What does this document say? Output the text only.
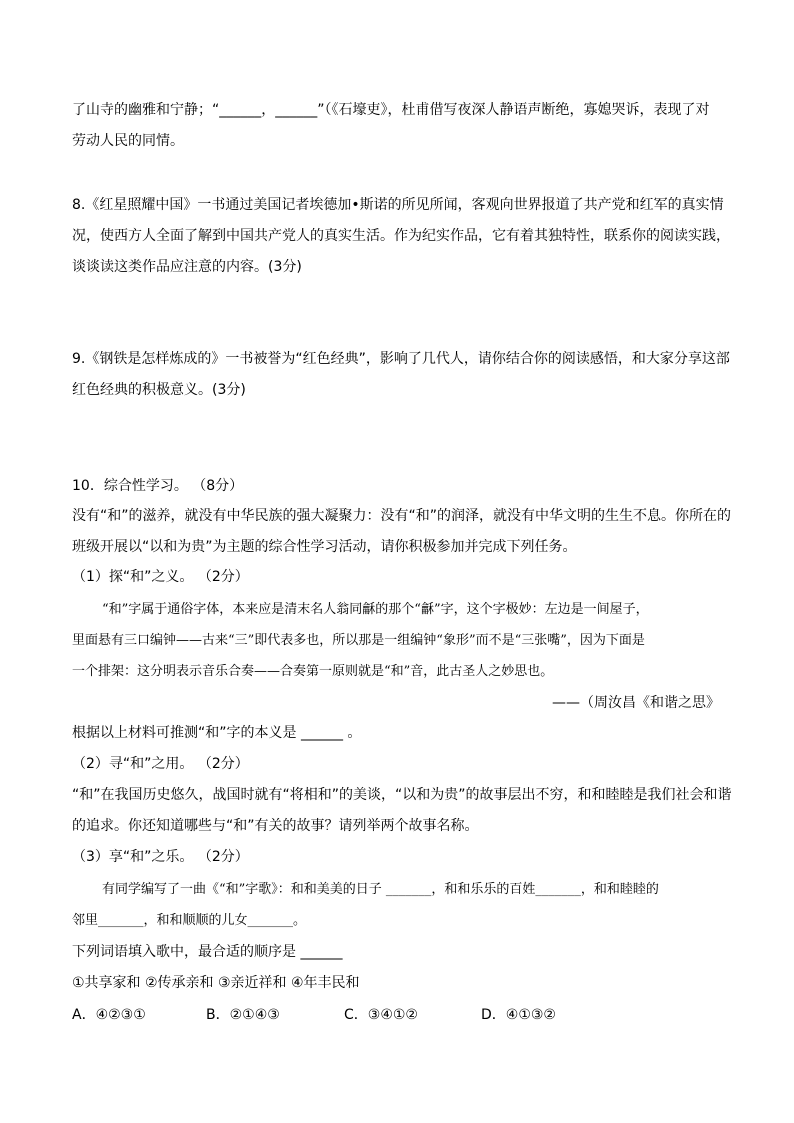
了山寺的幽雅和宁静；“______，______”（《石壕吏》，杜甫借写夜深人静语声断绝，寡媳哭诉，表现了对
劳动人民的同情。
8.《红星照耀中国》一书通过美国记者埃德加•斯诺的所见所闻，客观向世界报道了共产党和红军的真实情
况，使西方人全面了解到中国共产党人的真实生活。作为纪实作品，它有着其独特性，联系你的阅读实践，
谈谈读这类作品应注意的内容。(3分)
9.《钢铁是怎样炼成的》一书被誉为“红色经典”，影响了几代人，请你结合你的阅读感悟，和大家分享这部
红色经典的积极意义。(3分)
10．综合性学习。 （8分）
没有“和”的滋养，就没有中华民族的强大凝聚力：没有“和”的润泽，就没有中华文明的生生不息。你所在的
班级开展以“以和为贵”为主题的综合性学习活动，请你积极参加并完成下列任务。
（1）探“和”之义。 （2分）
“和”字属于通俗字体，本来应是清末名人翁同龢的那个“龢”字，这个字极妙：左边是一间屋子，
里面悬有三口编钟——古来“三”即代表多也，所以那是一组编钟“象形”而不是“三张嘴”，因为下面是
一个排架：这分明表示音乐合奏——合奏第一原则就是“和”音，此古圣人之妙思也。
——（周汝昌《和谐之思》
根据以上材料可推测“和”字的本义是 ______ 。
（2）寻“和”之用。 （2分）
“和”在我国历史悠久，战国时就有“将相和”的美谈，“以和为贵”的故事层出不穷，和和睦睦是我们社会和谐
的追求。你还知道哪些与“和”有关的故事？请列举两个故事名称。
（3）享“和”之乐。 （2分）
有同学编写了一曲《“和”字歌》：和和美美的日子 _______，和和乐乐的百姓_______，和和睦睦的
邻里_______，和和顺顺的儿女_______。
下列词语填入歌中，最合适的顺序是 ______
①共享家和 ②传承亲和 ③亲近祥和 ④年丰民和
A．④②③①	B．②①④③	C．③④①②	D．④①③②
